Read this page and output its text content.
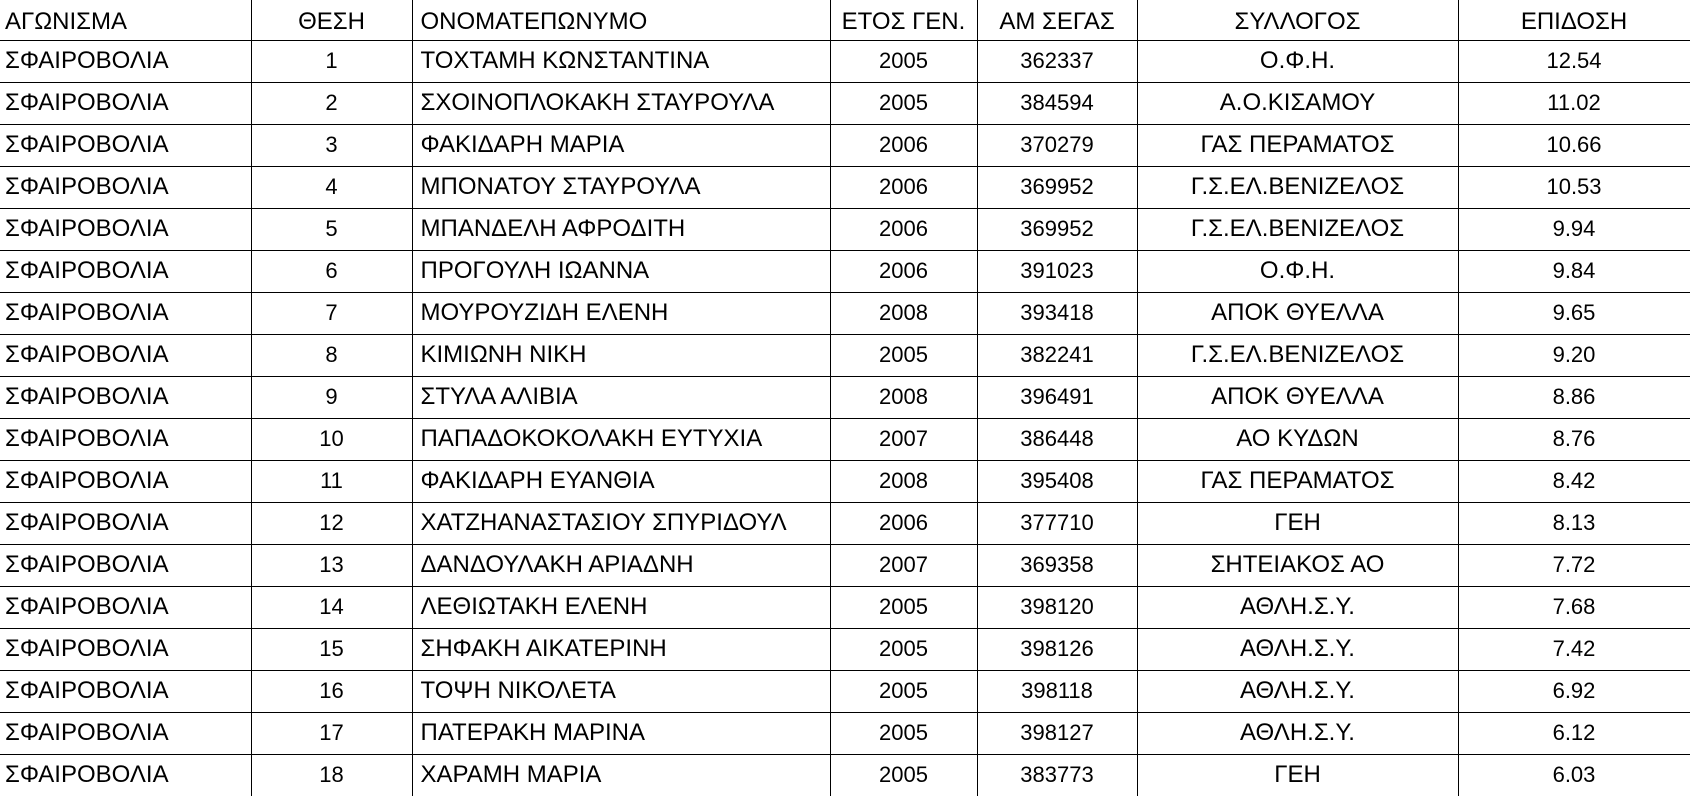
ΑΓΩΝΙΣΜΑ	ΘΕΣΗ	ΟΝΟΜΑΤΕΠΩΝΥΜΟ	ΕΤΟΣ ΓΕΝ.	ΑΜ ΣΕΓΑΣ	ΣΥΛΛΟΓΟΣ	ΕΠΙΔΟΣΗ
ΣΦΑΙΡΟΒΟΛΙΑ	1	ΤΟΧΤΑΜΗ ΚΩΝΣΤΑΝΤΙΝΑ	2005	362337	Ο.Φ.Η.	12.54
ΣΦΑΙΡΟΒΟΛΙΑ	2	ΣΧΟΙΝΟΠΛΟΚΑΚΗ ΣΤΑΥΡΟΥΛΑ	2005	384594	Α.Ο.ΚΙΣΑΜΟΥ	11.02
ΣΦΑΙΡΟΒΟΛΙΑ	3	ΦΑΚΙΔΑΡΗ ΜΑΡΙΑ	2006	370279	ΓΑΣ ΠΕΡΑΜΑΤΟΣ	10.66
ΣΦΑΙΡΟΒΟΛΙΑ	4	ΜΠΟΝΑΤΟΥ ΣΤΑΥΡΟΥΛΑ	2006	369952	Γ.Σ.ΕΛ.ΒΕΝΙΖΕΛΟΣ	10.53
ΣΦΑΙΡΟΒΟΛΙΑ	5	ΜΠΑΝΔΕΛΗ ΑΦΡΟΔΙΤΗ	2006	369952	Γ.Σ.ΕΛ.ΒΕΝΙΖΕΛΟΣ	9.94
ΣΦΑΙΡΟΒΟΛΙΑ	6	ΠΡΟΓΟΥΛΗ ΙΩΑΝΝΑ	2006	391023	Ο.Φ.Η.	9.84
ΣΦΑΙΡΟΒΟΛΙΑ	7	ΜΟΥΡΟΥΖΙΔΗ ΕΛΕΝΗ	2008	393418	ΑΠΟΚ ΘΥΕΛΛΑ	9.65
ΣΦΑΙΡΟΒΟΛΙΑ	8	ΚΙΜΙΩΝΗ ΝΙΚΗ	2005	382241	Γ.Σ.ΕΛ.ΒΕΝΙΖΕΛΟΣ	9.20
ΣΦΑΙΡΟΒΟΛΙΑ	9	ΣΤΥΛΑ ΑΛΙΒΙΑ	2008	396491	ΑΠΟΚ ΘΥΕΛΛΑ	8.86
ΣΦΑΙΡΟΒΟΛΙΑ	10	ΠΑΠΑΔΟΚΟΚΟΛΑΚΗ ΕΥΤΥΧΙΑ	2007	386448	ΑΟ ΚΥΔΩΝ	8.76
ΣΦΑΙΡΟΒΟΛΙΑ	11	ΦΑΚΙΔΑΡΗ ΕΥΑΝΘΙΑ	2008	395408	ΓΑΣ ΠΕΡΑΜΑΤΟΣ	8.42
ΣΦΑΙΡΟΒΟΛΙΑ	12	ΧΑΤΖΗΑΝΑΣΤΑΣΙΟΥ ΣΠΥΡΙΔΟΥΛ	2006	377710	ΓΕΗ	8.13
ΣΦΑΙΡΟΒΟΛΙΑ	13	ΔΑΝΔΟΥΛΑΚΗ ΑΡΙΑΔΝΗ	2007	369358	ΣΗΤΕΙΑΚΟΣ ΑΟ	7.72
ΣΦΑΙΡΟΒΟΛΙΑ	14	ΛΕΘΙΩΤΑΚΗ ΕΛΕΝΗ	2005	398120	ΑΘΛΗ.Σ.Υ.	7.68
ΣΦΑΙΡΟΒΟΛΙΑ	15	ΣΗΦΑΚΗ ΑΙΚΑΤΕΡΙΝΗ	2005	398126	ΑΘΛΗ.Σ.Υ.	7.42
ΣΦΑΙΡΟΒΟΛΙΑ	16	ΤΟΨΗ ΝΙΚΟΛΕΤΑ	2005	398118	ΑΘΛΗ.Σ.Υ.	6.92
ΣΦΑΙΡΟΒΟΛΙΑ	17	ΠΑΤΕΡΑΚΗ ΜΑΡΙΝΑ	2005	398127	ΑΘΛΗ.Σ.Υ.	6.12
ΣΦΑΙΡΟΒΟΛΙΑ	18	ΧΑΡΑΜΗ ΜΑΡΙΑ	2005	383773	ΓΕΗ	6.03
